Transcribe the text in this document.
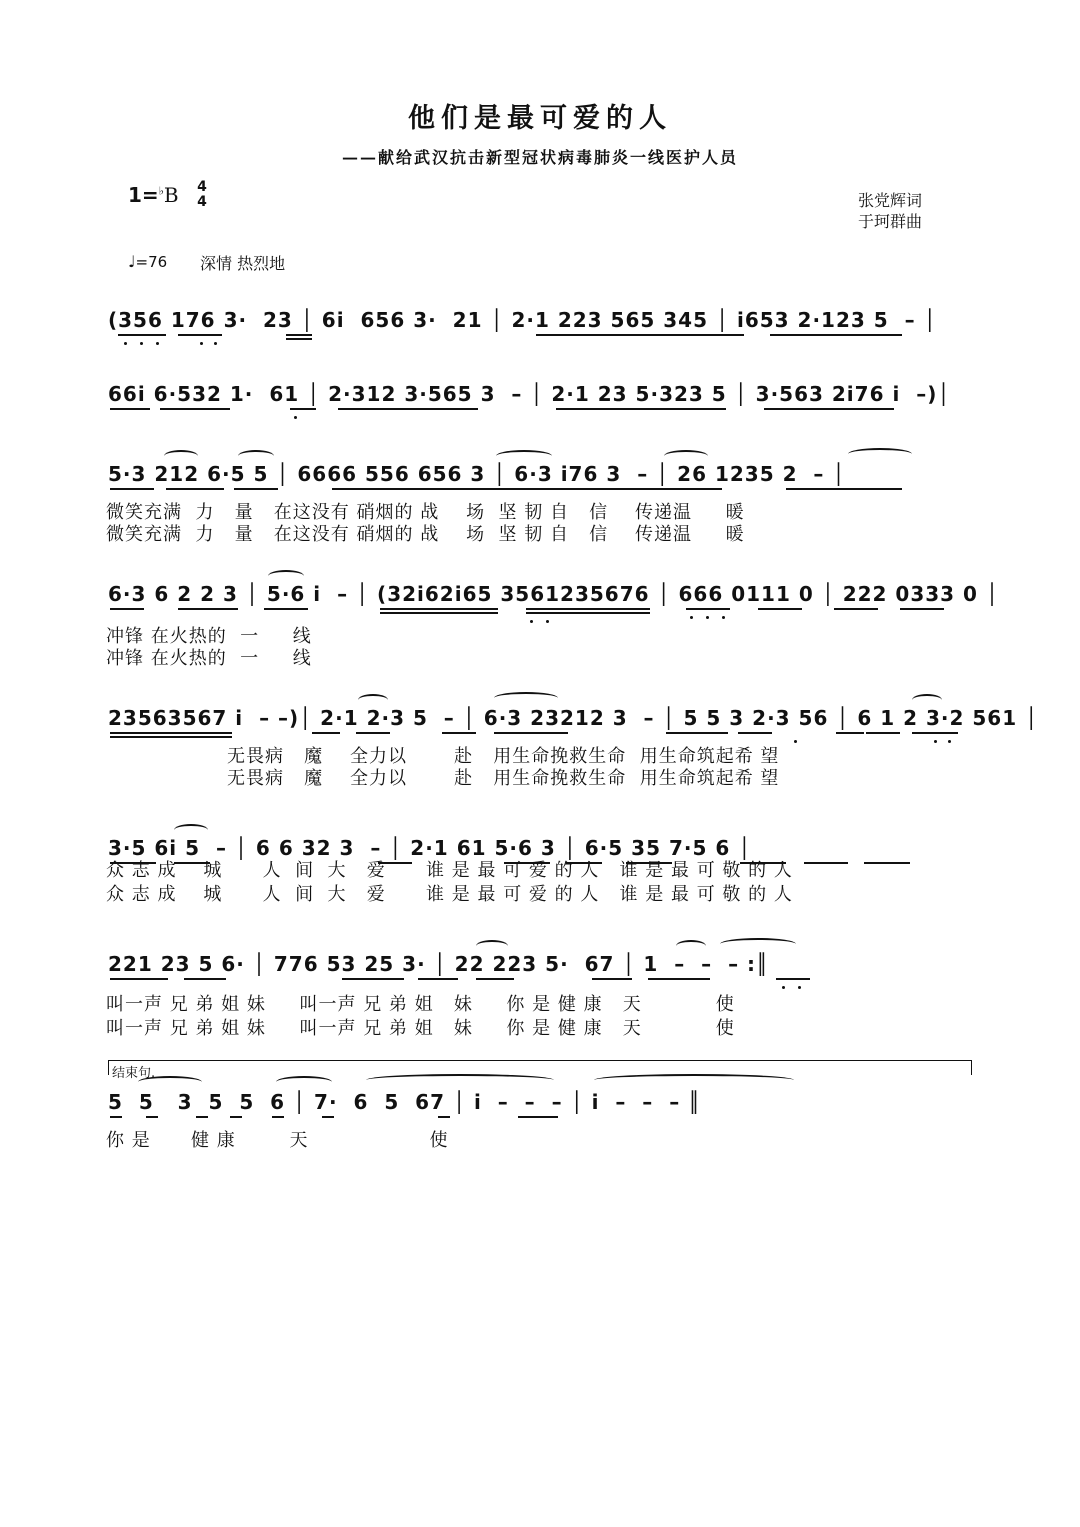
他们是最可爱的人
——献给武汉抗击新型冠状病毒肺炎一线医护人员
1=♭B 4
4	张党辉词
于珂群曲
♩=76 深情 热烈地

(356 176 3·  23 │ 6i  656 3·  21 │ 2·1 223 565 345 │ i653 2·123 5  – │

66i 6·532 1·  61 │ 2·312 3·565 3  – │ 2·1 23 5·323 5 │ 3·563 2i76 i  –)│

5·3 212 6·5 5 │ 6666 556 656 3 │ 6·3 i76 3  – │ 26 1235 2  – │

微笑充满  力   量   在这没有 硝烟的 战    场  坚 韧 自   信    传递温     暖

微笑充满  力   量   在这没有 硝烟的 战    场  坚 韧 自   信    传递温     暖

6·3 6 2 2 3 │ 5·6 i  – │ (32i62i65 3561235676 │ 666 0111 0 │ 222 0333 0 │

冲锋 在火热的  一     线

冲锋 在火热的  一     线

23563567 i  – –)│ 2·1 2·3 5  – │ 6·3 23212 3  – │ 5 5 3 2·3 56 │ 6 1 2 3·2 561 │

无畏病   魔    全力以       赴   用生命挽救生命  用生命筑起希 望

无畏病   魔    全力以       赴   用生命挽救生命  用生命筑起希 望

3·5 6i 5  – │ 6 6 32 3  – │ 2·1 61 5·6 3 │ 6·5 35 7·5 6 │

众 志 成    城      人  间  大   爱      谁 是 最 可 爱 的 人   谁 是 最 可 敬 的 人

众 志 成    城      人  间  大   爱      谁 是 最 可 爱 的 人   谁 是 最 可 敬 的 人

221 23 5 6· │ 776 53 25 3· │ 22 223 5·  67 │ 1  –  –  – :║

叫一声 兄 弟 姐 妹     叫一声 兄 弟 姐   妹     你 是 健 康   天           使

叫一声 兄 弟 姐 妹     叫一声 兄 弟 姐   妹     你 是 健 康   天           使

结束句.

5  5   3  5  5  6 │ 7·  6  5  67 │ i  –  –  – │ i  –  –  – ║

你 是      健 康        天                  使
